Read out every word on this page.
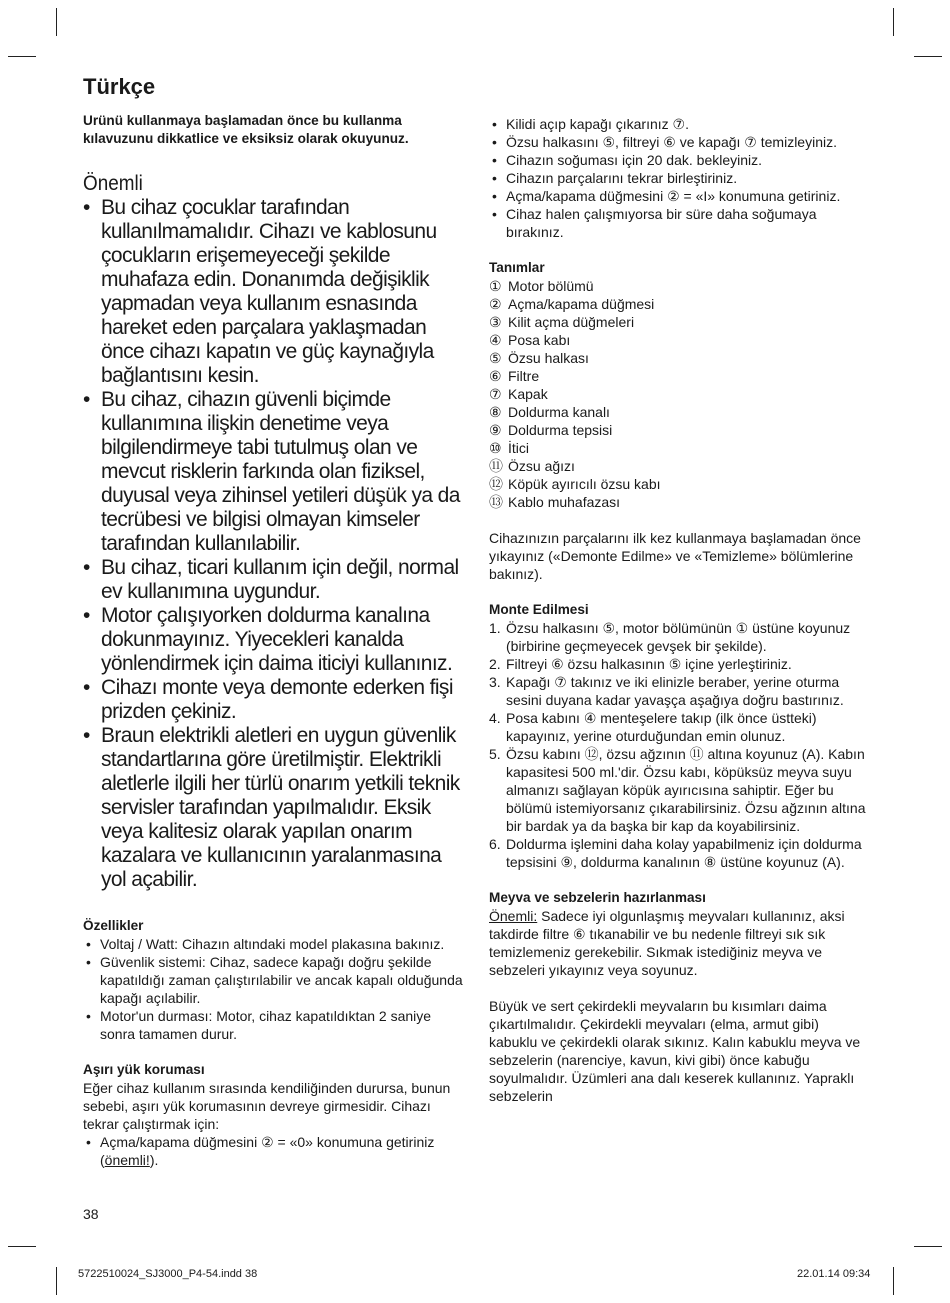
Türkçe

Urünü kullanmaya başlamadan önce bu kullanma kılavuzunu dikkatlice ve eksiksiz olarak okuyunuz.

Önemli
• Bu cihaz çocuklar tarafından kullanılmamalıdır. Cihazı ve kablosunu çocukların erişemeyeceği şekilde muhafaza edin. Donanımda değişiklik yapmadan veya kullanım esnasında hareket eden parçalara yaklaşmadan önce cihazı kapatın ve güç kaynağıyla bağlantısını kesin.
• Bu cihaz, cihazın güvenli biçimde kullanımına ilişkin denetime veya bilgilendirmeye tabi tutulmuş olan ve mevcut risklerin farkında olan fiziksel, duyusal veya zihinsel yetileri düşük ya da tecrübesi ve bilgisi olmayan kimseler tarafından kullanılabilir.
• Bu cihaz, ticari kullanım için değil, normal ev kullanımına uygundur.
• Motor çalışıyorken doldurma kanalına dokunmayınız. Yiyecekleri kanalda yönlendirmek için daima iticiyi kullanınız.
• Cihazı monte veya demonte ederken fişi prizden çekiniz.
• Braun elektrikli aletleri en uygun güvenlik standartlarına göre üretilmiştir. Elektrikli aletlerle ilgili her türlü onarım yetkili teknik servisler tarafından yapılmalıdır. Eksik veya kalitesiz olarak yapılan onarım kazalara ve kullanıcının yaralanmasına yol açabilir.
Özellikler
• Voltaj / Watt: Cihazın altındaki model plakasına bakınız.
• Güvenlik sistemi: Cihaz, sadece kapağı doğru şekilde kapatıldığı zaman çalıştırılabilir ve ancak kapalı olduğunda kapağı açılabilir.
• Motor'un durması: Motor, cihaz kapatıldıktan 2 saniye sonra tamamen durur.
Aşırı yük koruması

Eğer cihaz kullanım sırasında kendiliğinden durursa, bunun sebebi, aşırı yük korumasının devreye girmesidir. Cihazı tekrar çalıştırmak için:

• Açma/kapama düğmesini ② = «0» konumuna getiriniz (önemli!).
38
• Kilidi açıp kapağı çıkarınız ⑦.
• Özsu halkasını ⑤, filtreyi ⑥ ve kapağı ⑦ temizleyiniz.
• Cihazın soğuması için 20 dak. bekleyiniz.
• Cihazın parçalarını tekrar birleştiriniz.
• Açma/kapama düğmesini ② = «I» konumuna getiriniz.
• Cihaz halen çalışmıyorsa bir süre daha soğumaya bırakınız.
Tanımlar
① Motor bölümü
② Açma/kapama düğmesi
③ Kilit açma düğmeleri
④ Posa kabı
⑤ Özsu halkası
⑥ Filtre
⑦ Kapak
⑧ Doldurma kanalı
⑨ Doldurma tepsisi
⑩ İtici
⑪ Özsu ağızı
⑫ Köpük ayırıcılı özsu kabı
⑬ Kablo muhafazası

Cihazınızın parçalarını ilk kez kullanmaya başlamadan önce yıkayınız («Demonte Edilme» ve «Temizleme» bölümlerine bakınız).

Monte Edilmesi
1. Özsu halkasını ⑤, motor bölümünün ① üstüne koyunuz (birbirine geçmeyecek gevşek bir şekilde).
2. Filtreyi ⑥ özsu halkasının ⑤ içine yerleştiriniz.
3. Kapağı ⑦ takınız ve iki elinizle beraber, yerine oturma sesini duyana kadar yavaşça aşağıya doğru bastırınız.
4. Posa kabını ④ menteşelere takıp (ilk önce üstteki) kapayınız, yerine oturduğundan emin olunuz.
5. Özsu kabını ⑫, özsu ağzının ⑪ altına koyunuz (A). Kabın kapasitesi 500 ml.'dir. Özsu kabı, köpüksüz meyva suyu almanızı sağlayan köpük ayırıcısına sahiptir. Eğer bu bölümü istemiyorsanız çıkarabilirsiniz. Özsu ağzının altına bir bardak ya da başka bir kap da koyabilirsiniz.
6. Doldurma işlemini daha kolay yapabilmeniz için doldurma tepsisini ⑨, doldurma kanalının ⑧ üstüne koyunuz (A).
Meyva ve sebzelerin hazırlanması

Önemli: Sadece iyi olgunlaşmış meyvaları kullanınız, aksi takdirde filtre ⑥ tıkanabilir ve bu nedenle filtreyi sık sık temizlemeniz gerekebilir. Sıkmak istediğiniz meyva ve sebzeleri yıkayınız veya soyunuz.

Büyük ve sert çekirdekli meyvaların bu kısımları daima çıkartılmalıdır. Çekirdekli meyvaları (elma, armut gibi) kabuklu ve çekirdekli olarak sıkınız. Kalın kabuklu meyva ve sebzelerin (narenciye, kavun, kivi gibi) önce kabuğu soyulmalıdır. Üzümleri ana dalı keserek kullanınız. Yapraklı sebzelerin

5722510024_SJ3000_P4-54.indd 38	22.01.14 09:34
